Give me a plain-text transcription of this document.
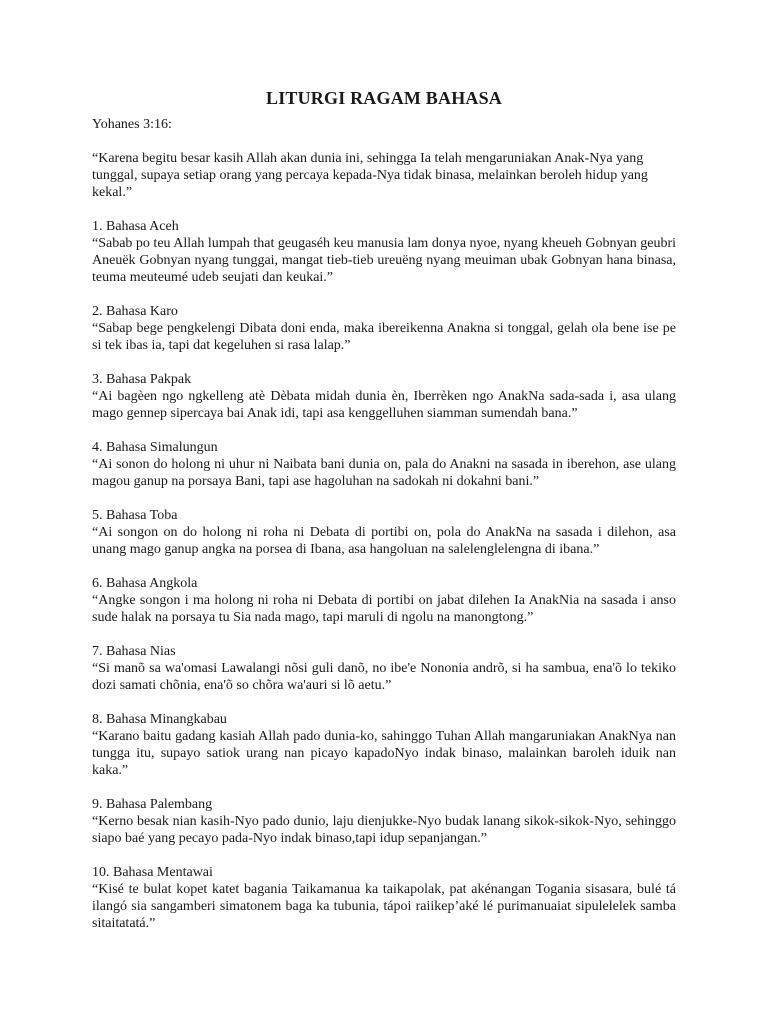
LITURGI RAGAM BAHASA

Yohanes 3:16:

“Karena begitu besar kasih Allah akan dunia ini, sehingga Ia telah mengaruniakan Anak-Nya yang tunggal, supaya setiap orang yang percaya kepada-Nya tidak binasa, melainkan beroleh hidup yang kekal.”

1. Bahasa Aceh

“Sabab po teu Allah lumpah that geugaséh keu manusia lam donya nyoe, nyang kheueh Gobnyan geubri Aneuëk Gobnyan nyang tunggai, mangat tieb-tieb ureuëng nyang meuiman ubak Gobnyan hana binasa, teuma meuteumé udeb seujati dan keukai.”

2. Bahasa Karo

“Sabap bege pengkelengi Dibata doni enda, maka ibereikenna Anakna si tonggal, gelah ola bene ise pe si tek ibas ia, tapi dat kegeluhen si rasa lalap.”

3. Bahasa Pakpak

“Ai bagèen ngo ngkelleng atè Dèbata midah dunia èn, Iberrèken ngo AnakNa sada-sada i, asa ulang mago gennep sipercaya bai Anak idi, tapi asa kenggelluhen siamman sumendah bana.”

4. Bahasa Simalungun

“Ai sonon do holong ni uhur ni Naibata bani dunia on, pala do Anakni na sasada in iberehon, ase ulang magou ganup na porsaya Bani, tapi ase hagoluhan na sadokah ni dokahni bani.”

5. Bahasa Toba

“Ai songon on do holong ni roha ni Debata di portibi on, pola do AnakNa na sasada i dilehon, asa unang mago ganup angka na porsea di Ibana, asa hangoluan na salelenglelengna di ibana.”

6. Bahasa Angkola

“Angke songon i ma holong ni roha ni Debata di portibi on jabat dilehen Ia AnakNia na sasada i anso sude halak na porsaya tu Sia nada mago, tapi maruli di ngolu na manongtong.”

7. Bahasa Nias

“Si manõ sa wa'omasi Lawalangi nõsi guli danõ, no ibe'e Nononia andrõ, si ha sambua, ena'õ lo tekiko dozi samati chõnia, ena'õ so chõra wa'auri si lõ aetu.”

8. Bahasa Minangkabau

“Karano baitu gadang kasiah Allah pado dunia-ko, sahinggo Tuhan Allah mangaruniakan AnakNya nan tungga itu, supayo satiok urang nan picayo kapadoNyo indak binaso, malainkan baroleh iduik nan kaka.”

9. Bahasa Palembang

“Kerno besak nian kasih-Nyo pado dunio, laju dienjukke-Nyo budak lanang sikok-sikok-Nyo, sehinggo siapo baé yang pecayo pada-Nyo indak binaso,tapi idup sepanjangan.”

10. Bahasa Mentawai

“Kisé te bulat kopet katet bagania Taikamanua ka taikapolak, pat akénangan Togania sisasara, bulé tá ilangó sia sangamberi simatonem baga ka tubunia, tápoi raiikep’aké lé purimanuaiat sipulelelek samba sitaitatatá.”
